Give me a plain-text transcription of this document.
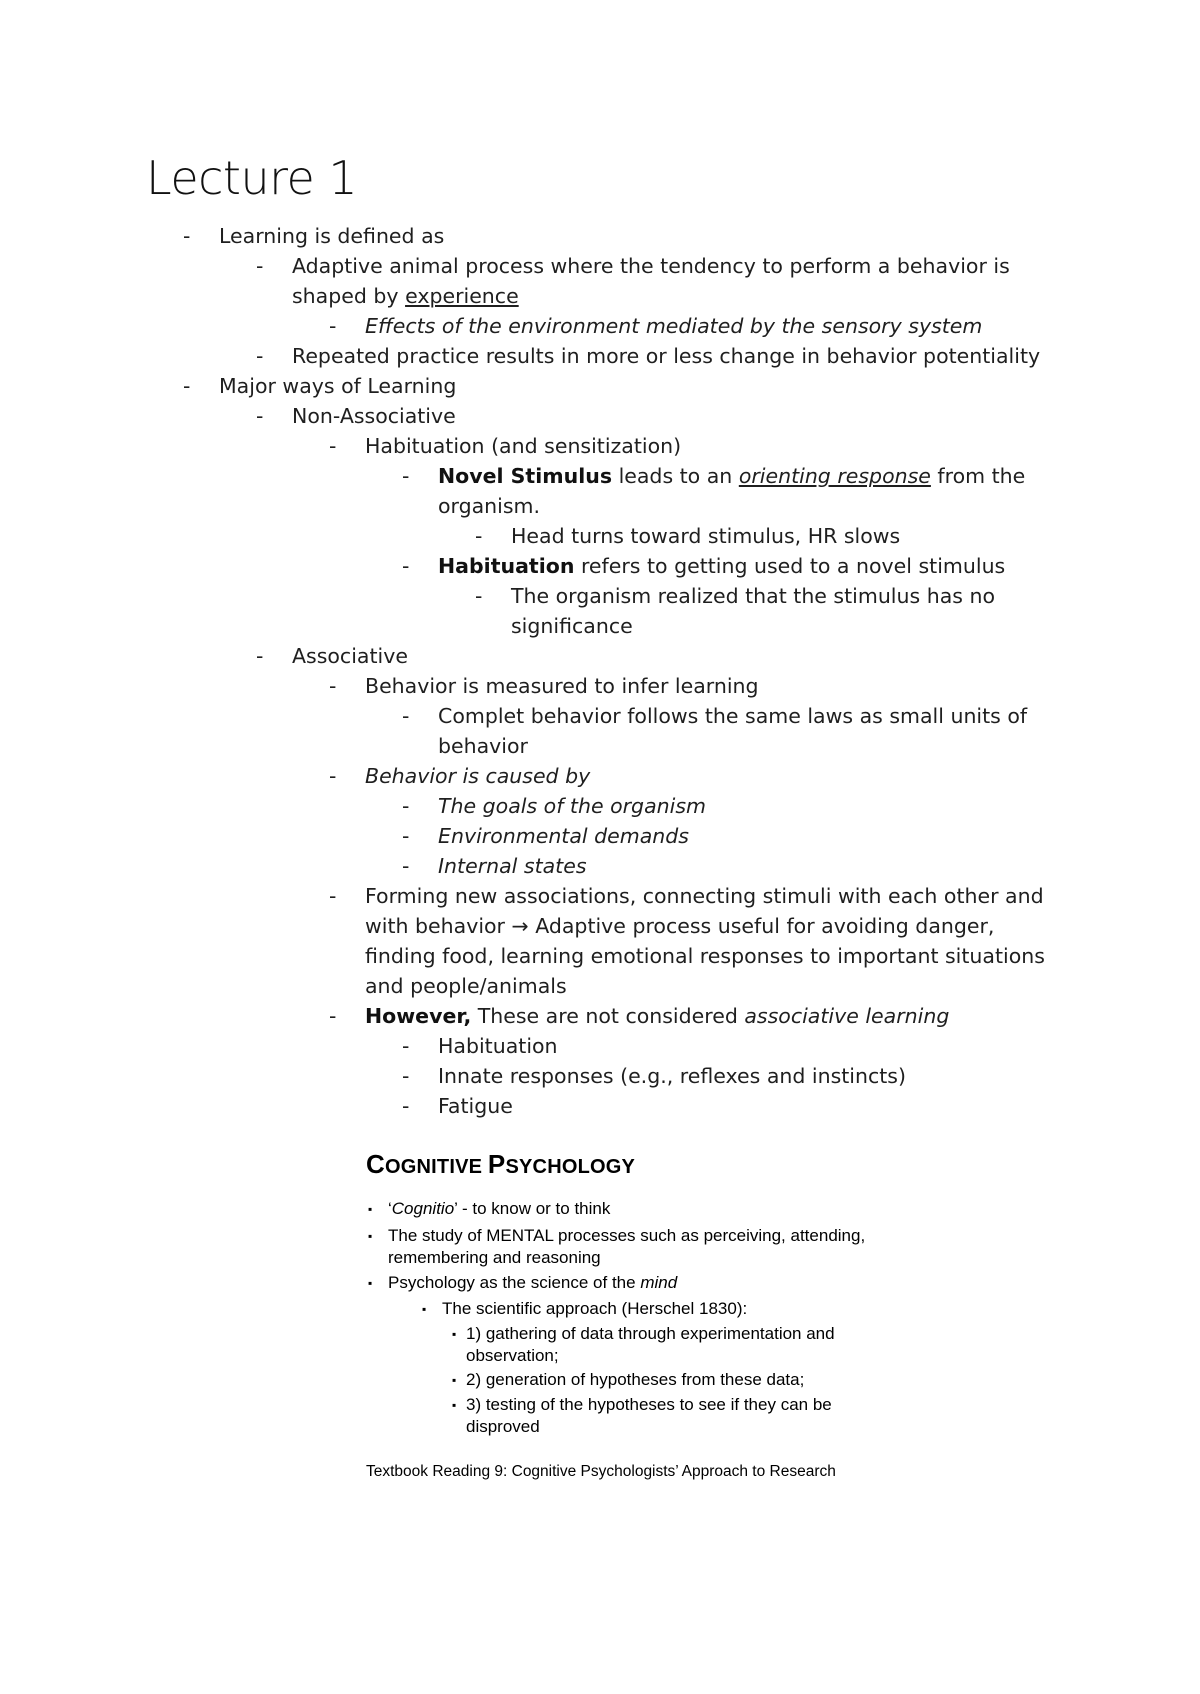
Lecture 1
-	Learning is defined as
-	Adaptive animal process where the tendency to perform a behavior is
shaped by experience
-	Effects of the environment mediated by the sensory system
-	Repeated practice results in more or less change in behavior potentiality
-	Major ways of Learning
-	Non-Associative
-	Habituation (and sensitization)
-	Novel Stimulus leads to an orienting response from the
organism.
-	Head turns toward stimulus, HR slows
-	Habituation refers to getting used to a novel stimulus
-	The organism realized that the stimulus has no
significance
-	Associative
-	Behavior is measured to infer learning
-	Complet behavior follows the same laws as small units of
behavior
-	Behavior is caused by
-	The goals of the organism
-	Environmental demands
-	Internal states
-	Forming new associations, connecting stimuli with each other and
with behavior → Adaptive process useful for avoiding danger,
finding food, learning emotional responses to important situations
and people/animals
-	However, These are not considered associative learning
-	Habituation
-	Innate responses (e.g., reflexes and instincts)
-	Fatigue
COGNITIVE PSYCHOLOGY
▪ ‘Cognitio’ - to know or to think
▪ The study of MENTAL processes such as perceiving, attending,
remembering and reasoning
▪ Psychology as the science of the mind
▪ The scientific approach (Herschel 1830):
▪ 1) gathering of data through experimentation and
observation;
▪ 2) generation of hypotheses from these data;
▪ 3) testing of the hypotheses to see if they can be
disproved
Textbook Reading 9: Cognitive Psychologists’ Approach to Research
